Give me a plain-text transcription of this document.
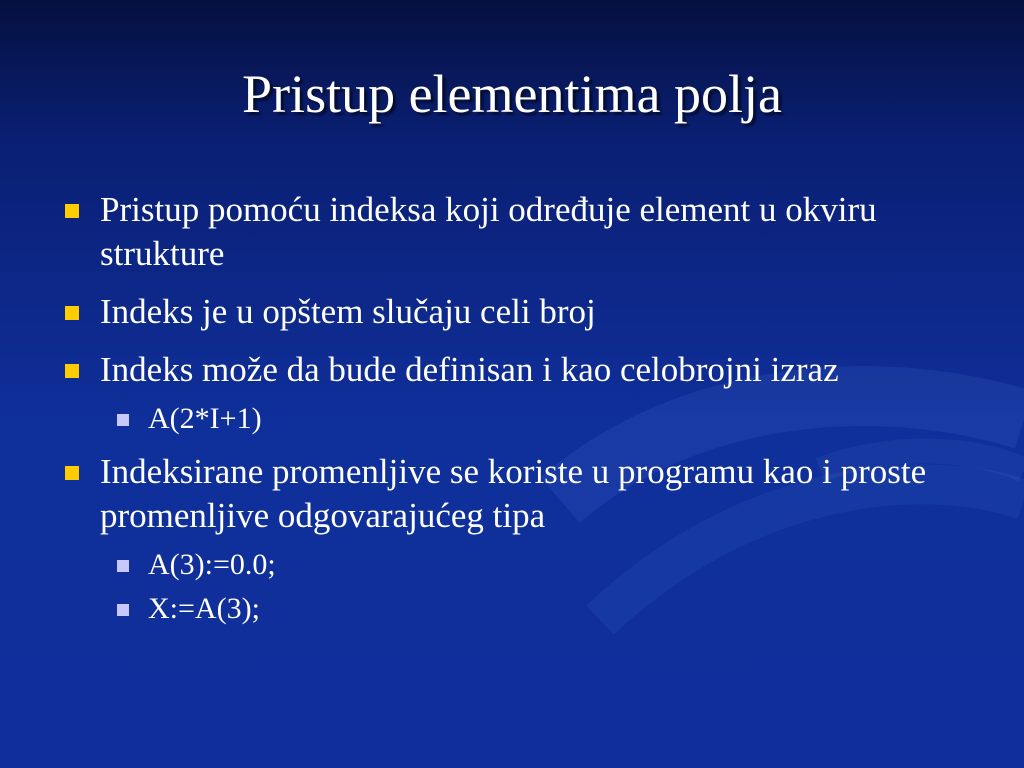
Pristup elementima polja
Pristup pomoću indeksa koji određuje element u okviru strukture
Indeks je u opštem slučaju celi broj
Indeks može da bude definisan i kao celobrojni izraz
A(2*I+1)
Indeksirane promenljive se koriste u programu kao i proste promenljive odgovarajućeg tipa
A(3):=0.0;
X:=A(3);
